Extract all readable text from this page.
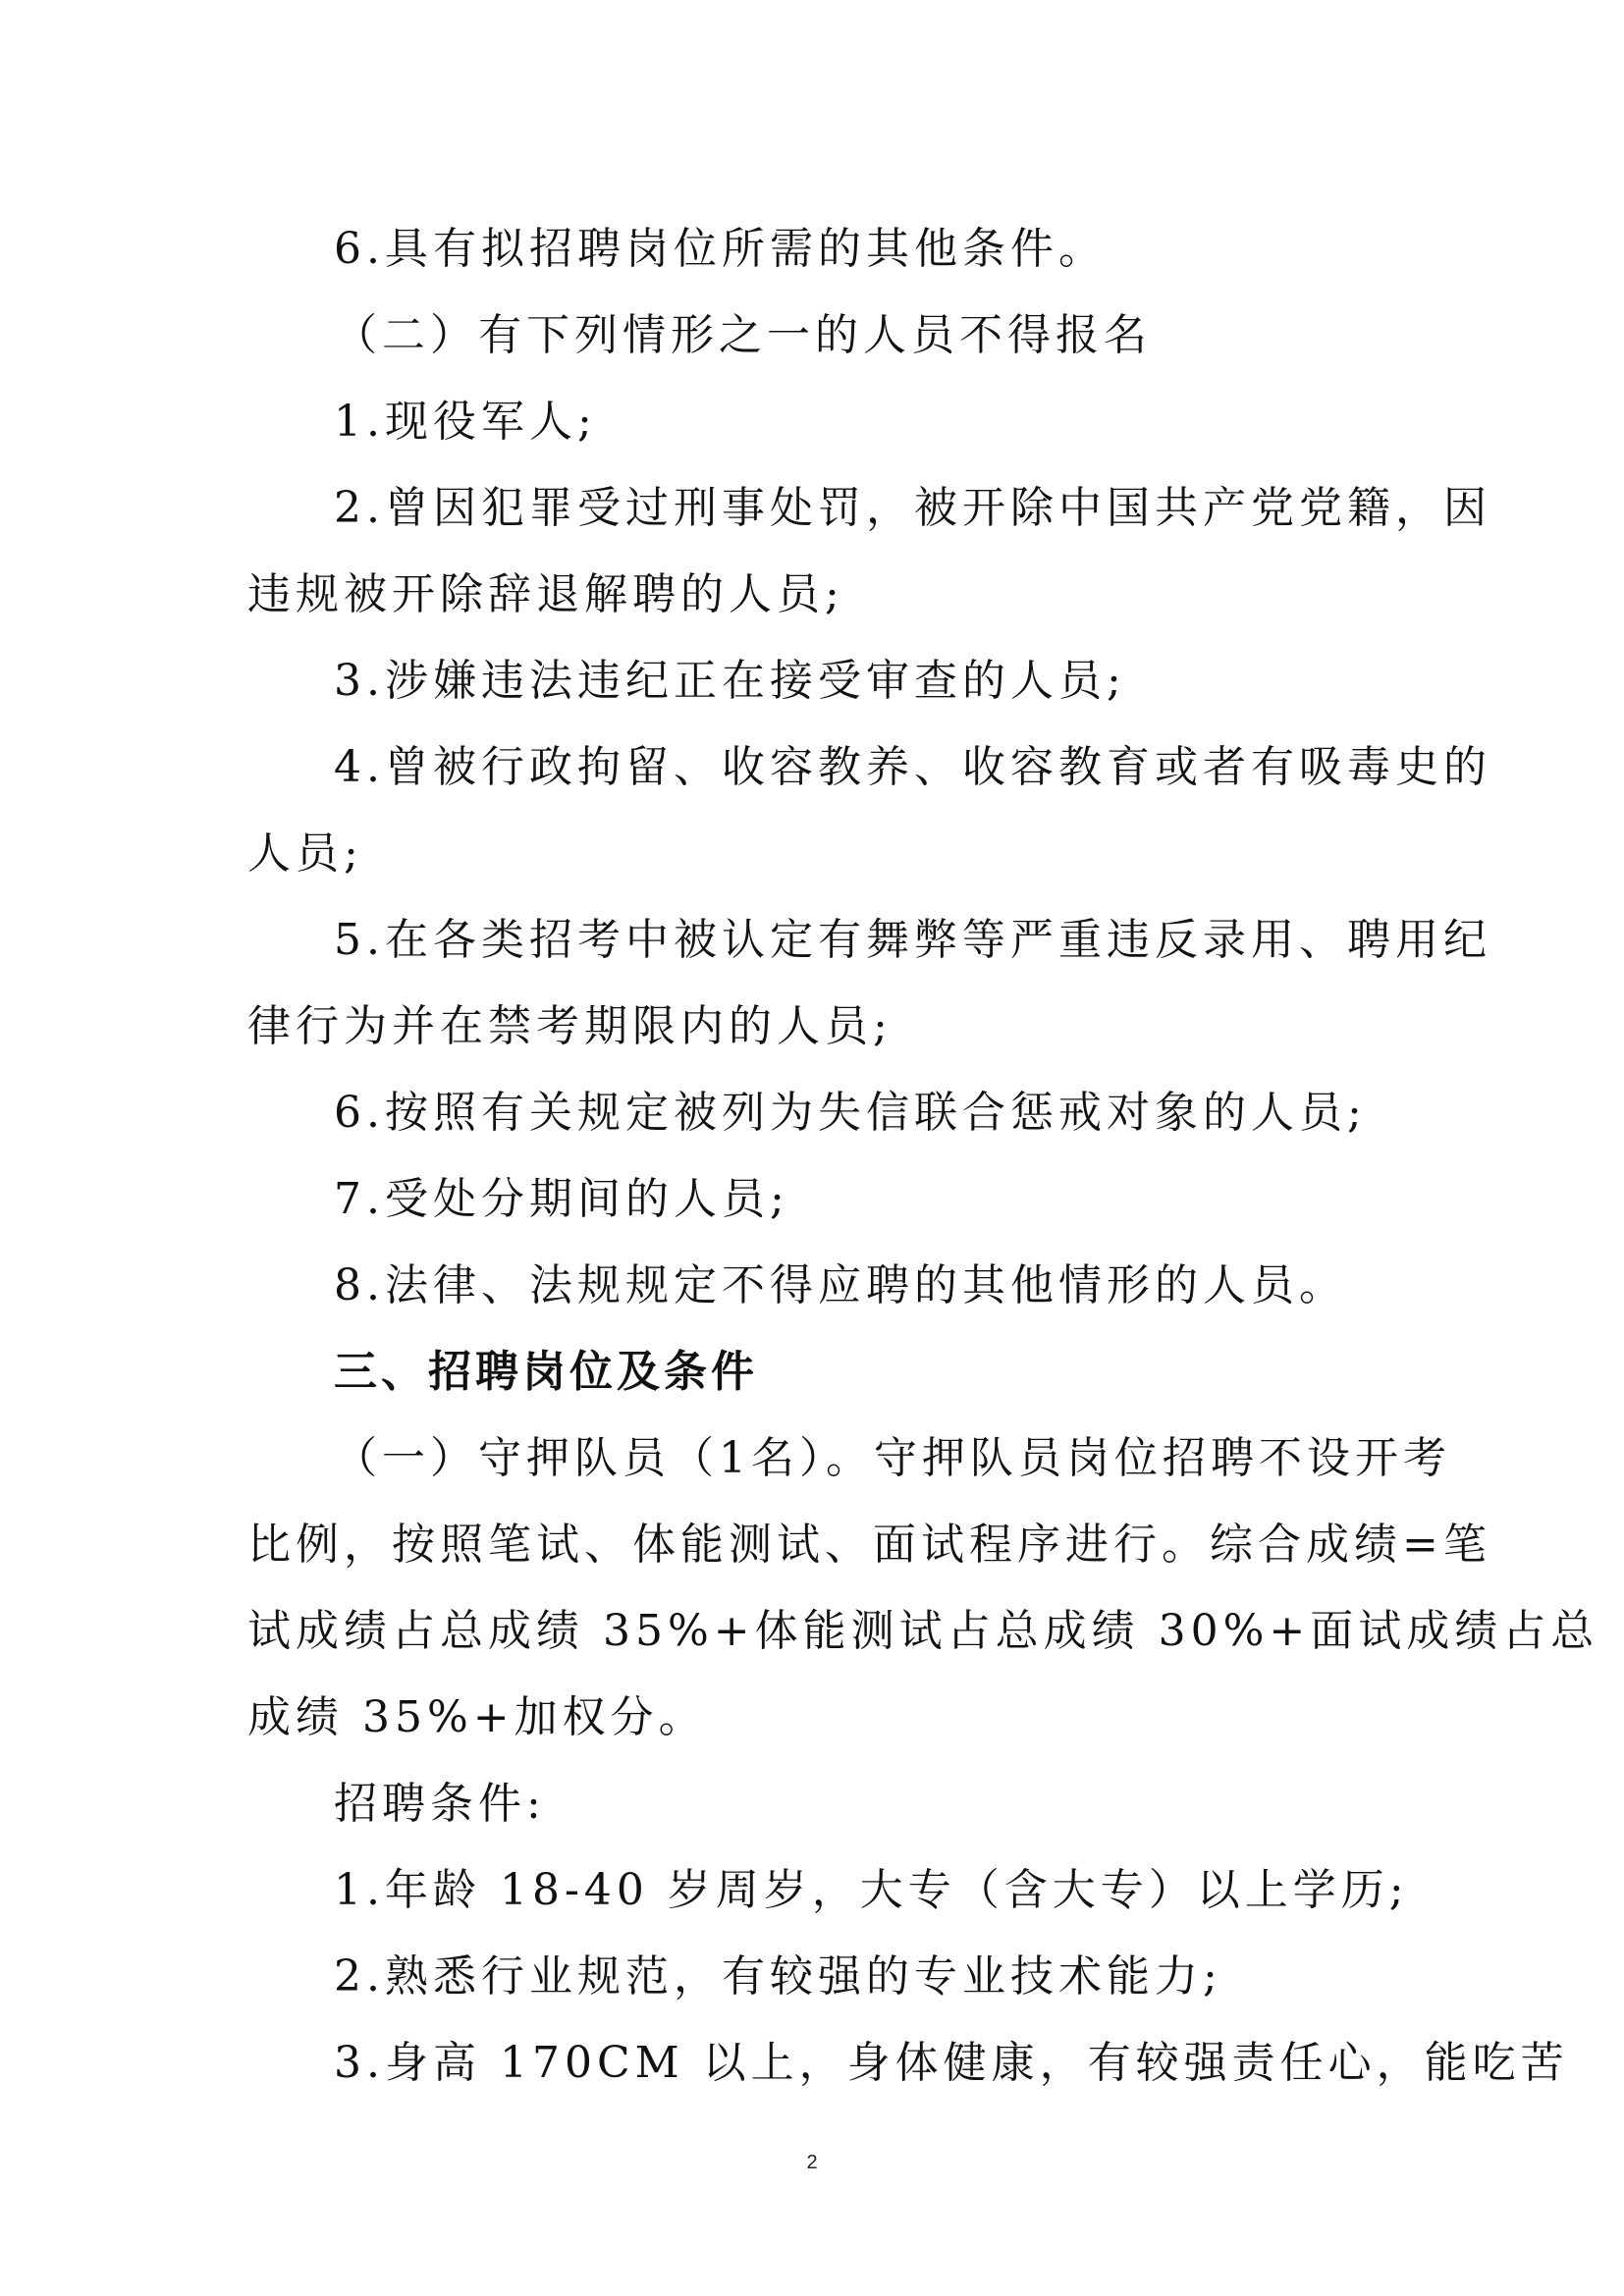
6.具有拟招聘岗位所需的其他条件。
（二）有下列情形之一的人员不得报名
1.现役军人;
2.曾因犯罪受过刑事处罚，被开除中国共产党党籍，因
违规被开除辞退解聘的人员;
3.涉嫌违法违纪正在接受审查的人员;
4.曾被行政拘留、收容教养、收容教育或者有吸毒史的
人员;
5.在各类招考中被认定有舞弊等严重违反录用、聘用纪
律行为并在禁考期限内的人员;
6.按照有关规定被列为失信联合惩戒对象的人员;
7.受处分期间的人员;
8.法律、法规规定不得应聘的其他情形的人员。
三、招聘岗位及条件
（一）守押队员（1名）。守押队员岗位招聘不设开考
比例，按照笔试、体能测试、面试程序进行。综合成绩=笔
试成绩占总成绩 35%+体能测试占总成绩 30%+面试成绩占总
成绩 35%+加权分。
招聘条件:
1.年龄 18-40 岁周岁，大专（含大专）以上学历;
2.熟悉行业规范，有较强的专业技术能力;
3.身高 170CM 以上，身体健康，有较强责任心，能吃苦
2
